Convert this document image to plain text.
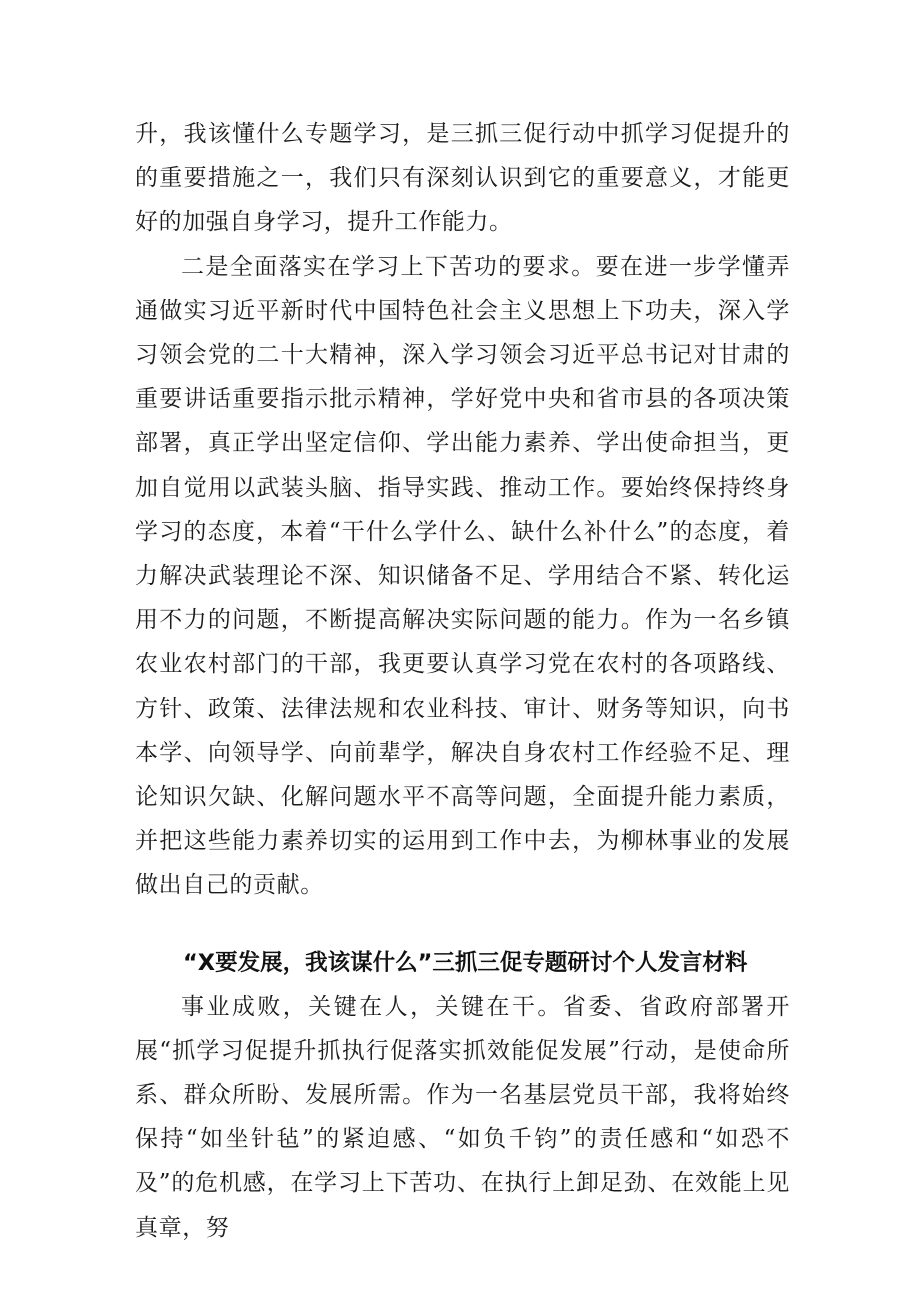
升，我该懂什么专题学习，是三抓三促行动中抓学习促提升的的重要措施之一，我们只有深刻认识到它的重要意义，才能更好的加强自身学习，提升工作能力。

二是全面落实在学习上下苦功的要求。要在进一步学懂弄通做实习近平新时代中国特色社会主义思想上下功夫，深入学习领会党的二十大精神，深入学习领会习近平总书记对甘肃的重要讲话重要指示批示精神，学好党中央和省市县的各项决策部署，真正学出坚定信仰、学出能力素养、学出使命担当，更加自觉用以武装头脑、指导实践、推动工作。要始终保持终身学习的态度，本着“干什么学什么、缺什么补什么”的态度，着力解决武装理论不深、知识储备不足、学用结合不紧、转化运用不力的问题，不断提高解决实际问题的能力。作为一名乡镇农业农村部门的干部，我更要认真学习党在农村的各项路线、方针、政策、法律法规和农业科技、审计、财务等知识，向书本学、向领导学、向前辈学，解决自身农村工作经验不足、理论知识欠缺、化解问题水平不高等问题，全面提升能力素质，并把这些能力素养切实的运用到工作中去，为柳林事业的发展做出自己的贡献。

“X要发展，我该谋什么”三抓三促专题研讨个人发言材料

事业成败，关键在人，关键在干。省委、省政府部署开展“抓学习促提升抓执行促落实抓效能促发展”行动，是使命所系、群众所盼、发展所需。作为一名基层党员干部，我将始终保持“如坐针毡”的紧迫感、“如负千钧”的责任感和“如恐不及”的危机感，在学习上下苦功、在执行上卸足劲、在效能上见真章，努
